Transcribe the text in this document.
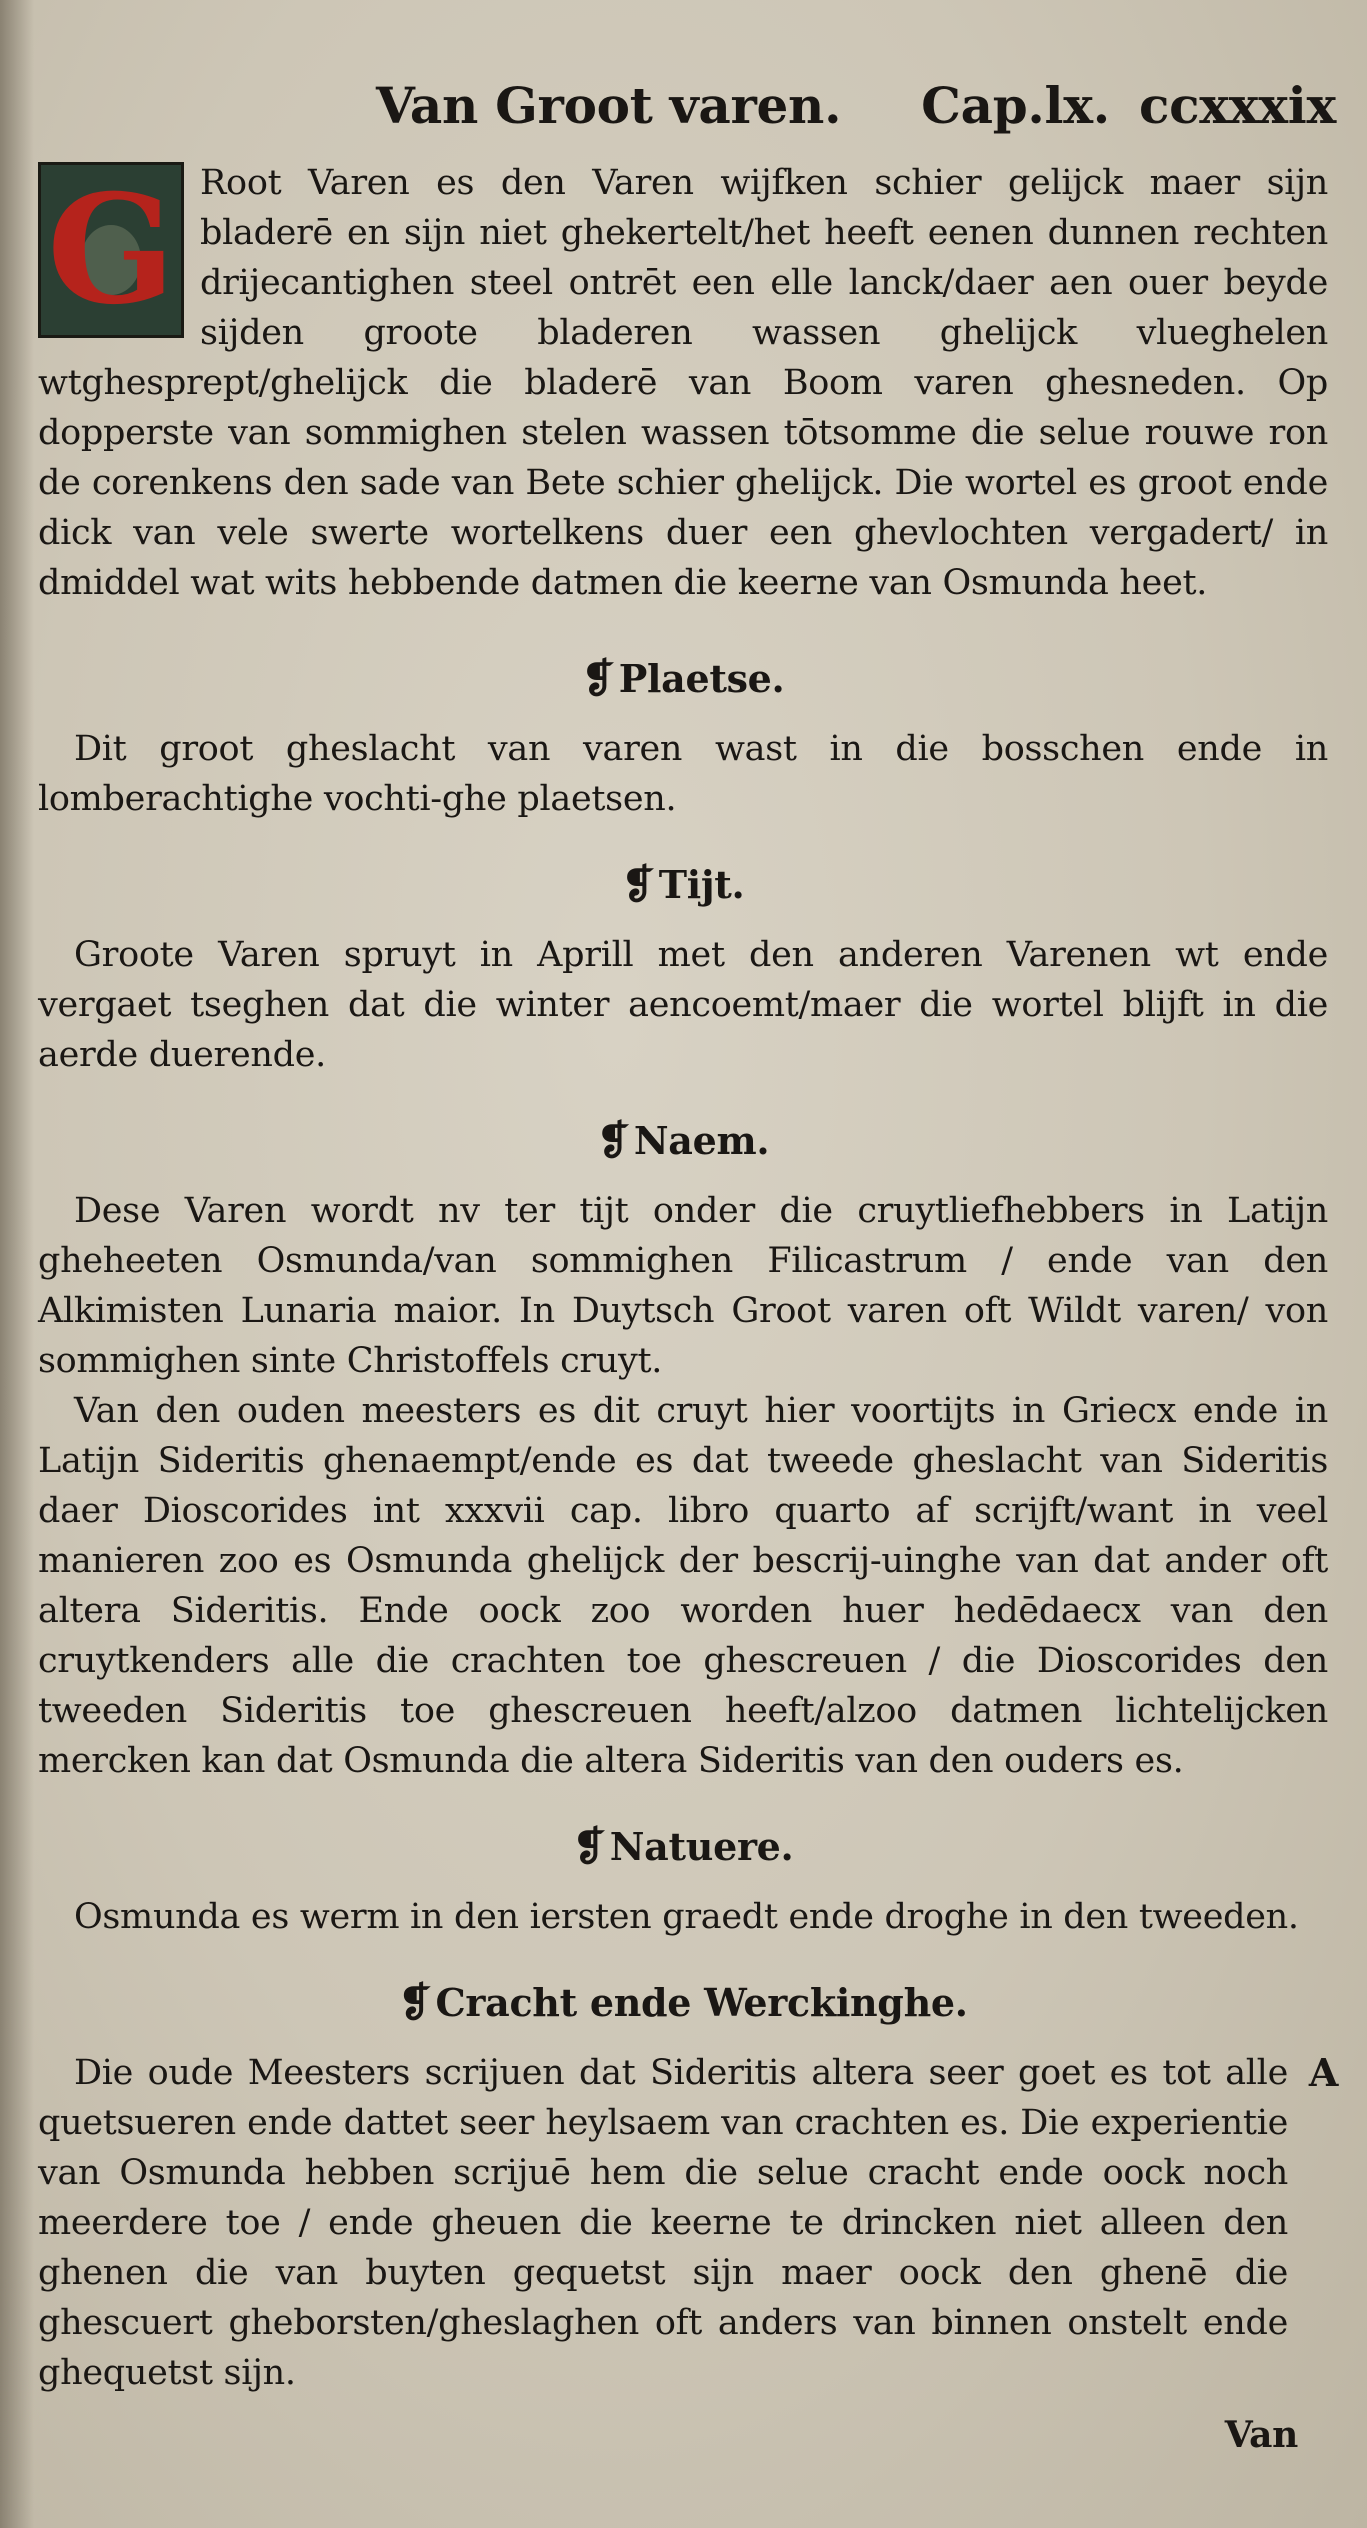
Van Groot varen. Cap.lx. ccxxxix
G Root Varen es den Varen wijfken schier gelijck maer sijn bladerē en sijn niet ghekertelt/het heeft eenen dunnen rechten drijecantighen steel ontrēt een elle lanck/daer aen ouer beyde sijden groote bladeren wassen ghelijck vlueghelen wtghesprept/ghelijck die bladerē van Boom varen ghesneden. Op dopperste van sommighen stelen wassen tōtsomme die selue rouwe ron de corenkens den sade van Bete schier ghelijck. Die wortel es groot ende dick van vele swerte wortelkens duer een ghevlochten vergadert/ in dmiddel wat wits hebbende datmen die keerne van Osmunda heet.

❡ Plaetse.

Dit groot gheslacht van varen wast in die bosschen ende in lomberachtighe vochti-ghe plaetsen.

❡ Tijt.

Groote Varen spruyt in Aprill met den anderen Varenen wt ende vergaet tseghen dat die winter aencoemt/maer die wortel blijft in die aerde duerende.

❡ Naem.

Dese Varen wordt nv ter tijt onder die cruytliefhebbers in Latijn gheheeten Osmunda/van sommighen Filicastrum / ende van den Alkimisten Lunaria maior. In Duytsch Groot varen oft Wildt varen/ von sommighen sinte Christoffels cruyt.

Van den ouden meesters es dit cruyt hier voortijts in Griecx ende in Latijn Sideritis ghenaempt/ende es dat tweede gheslacht van Sideritis daer Dioscorides int xxxvii cap. libro quarto af scrijft/want in veel manieren zoo es Osmunda ghelijck der bescrij-uinghe van dat ander oft altera Sideritis. Ende oock zoo worden huer hedēdaecx van den cruytkenders alle die crachten toe ghescreuen / die Dioscorides den tweeden Sideritis toe ghescreuen heeft/alzoo datmen lichtelijcken mercken kan dat Osmunda die altera Sideritis van den ouders es.

❡ Natuere.

Osmunda es werm in den iersten graedt ende droghe in den tweeden.

❡ Cracht ende Werckinghe.
A

Die oude Meesters scrijuen dat Sideritis altera seer goet es tot alle quetsueren ende dattet seer heylsaem van crachten es. Die experientie van Osmunda hebben scrijuē hem die selue cracht ende oock noch meerdere toe / ende gheuen die keerne te drincken niet alleen den ghenen die van buyten gequetst sijn maer oock den ghenē die ghescuert gheborsten/gheslaghen oft anders van binnen onstelt ende ghequetst sijn.

Van
